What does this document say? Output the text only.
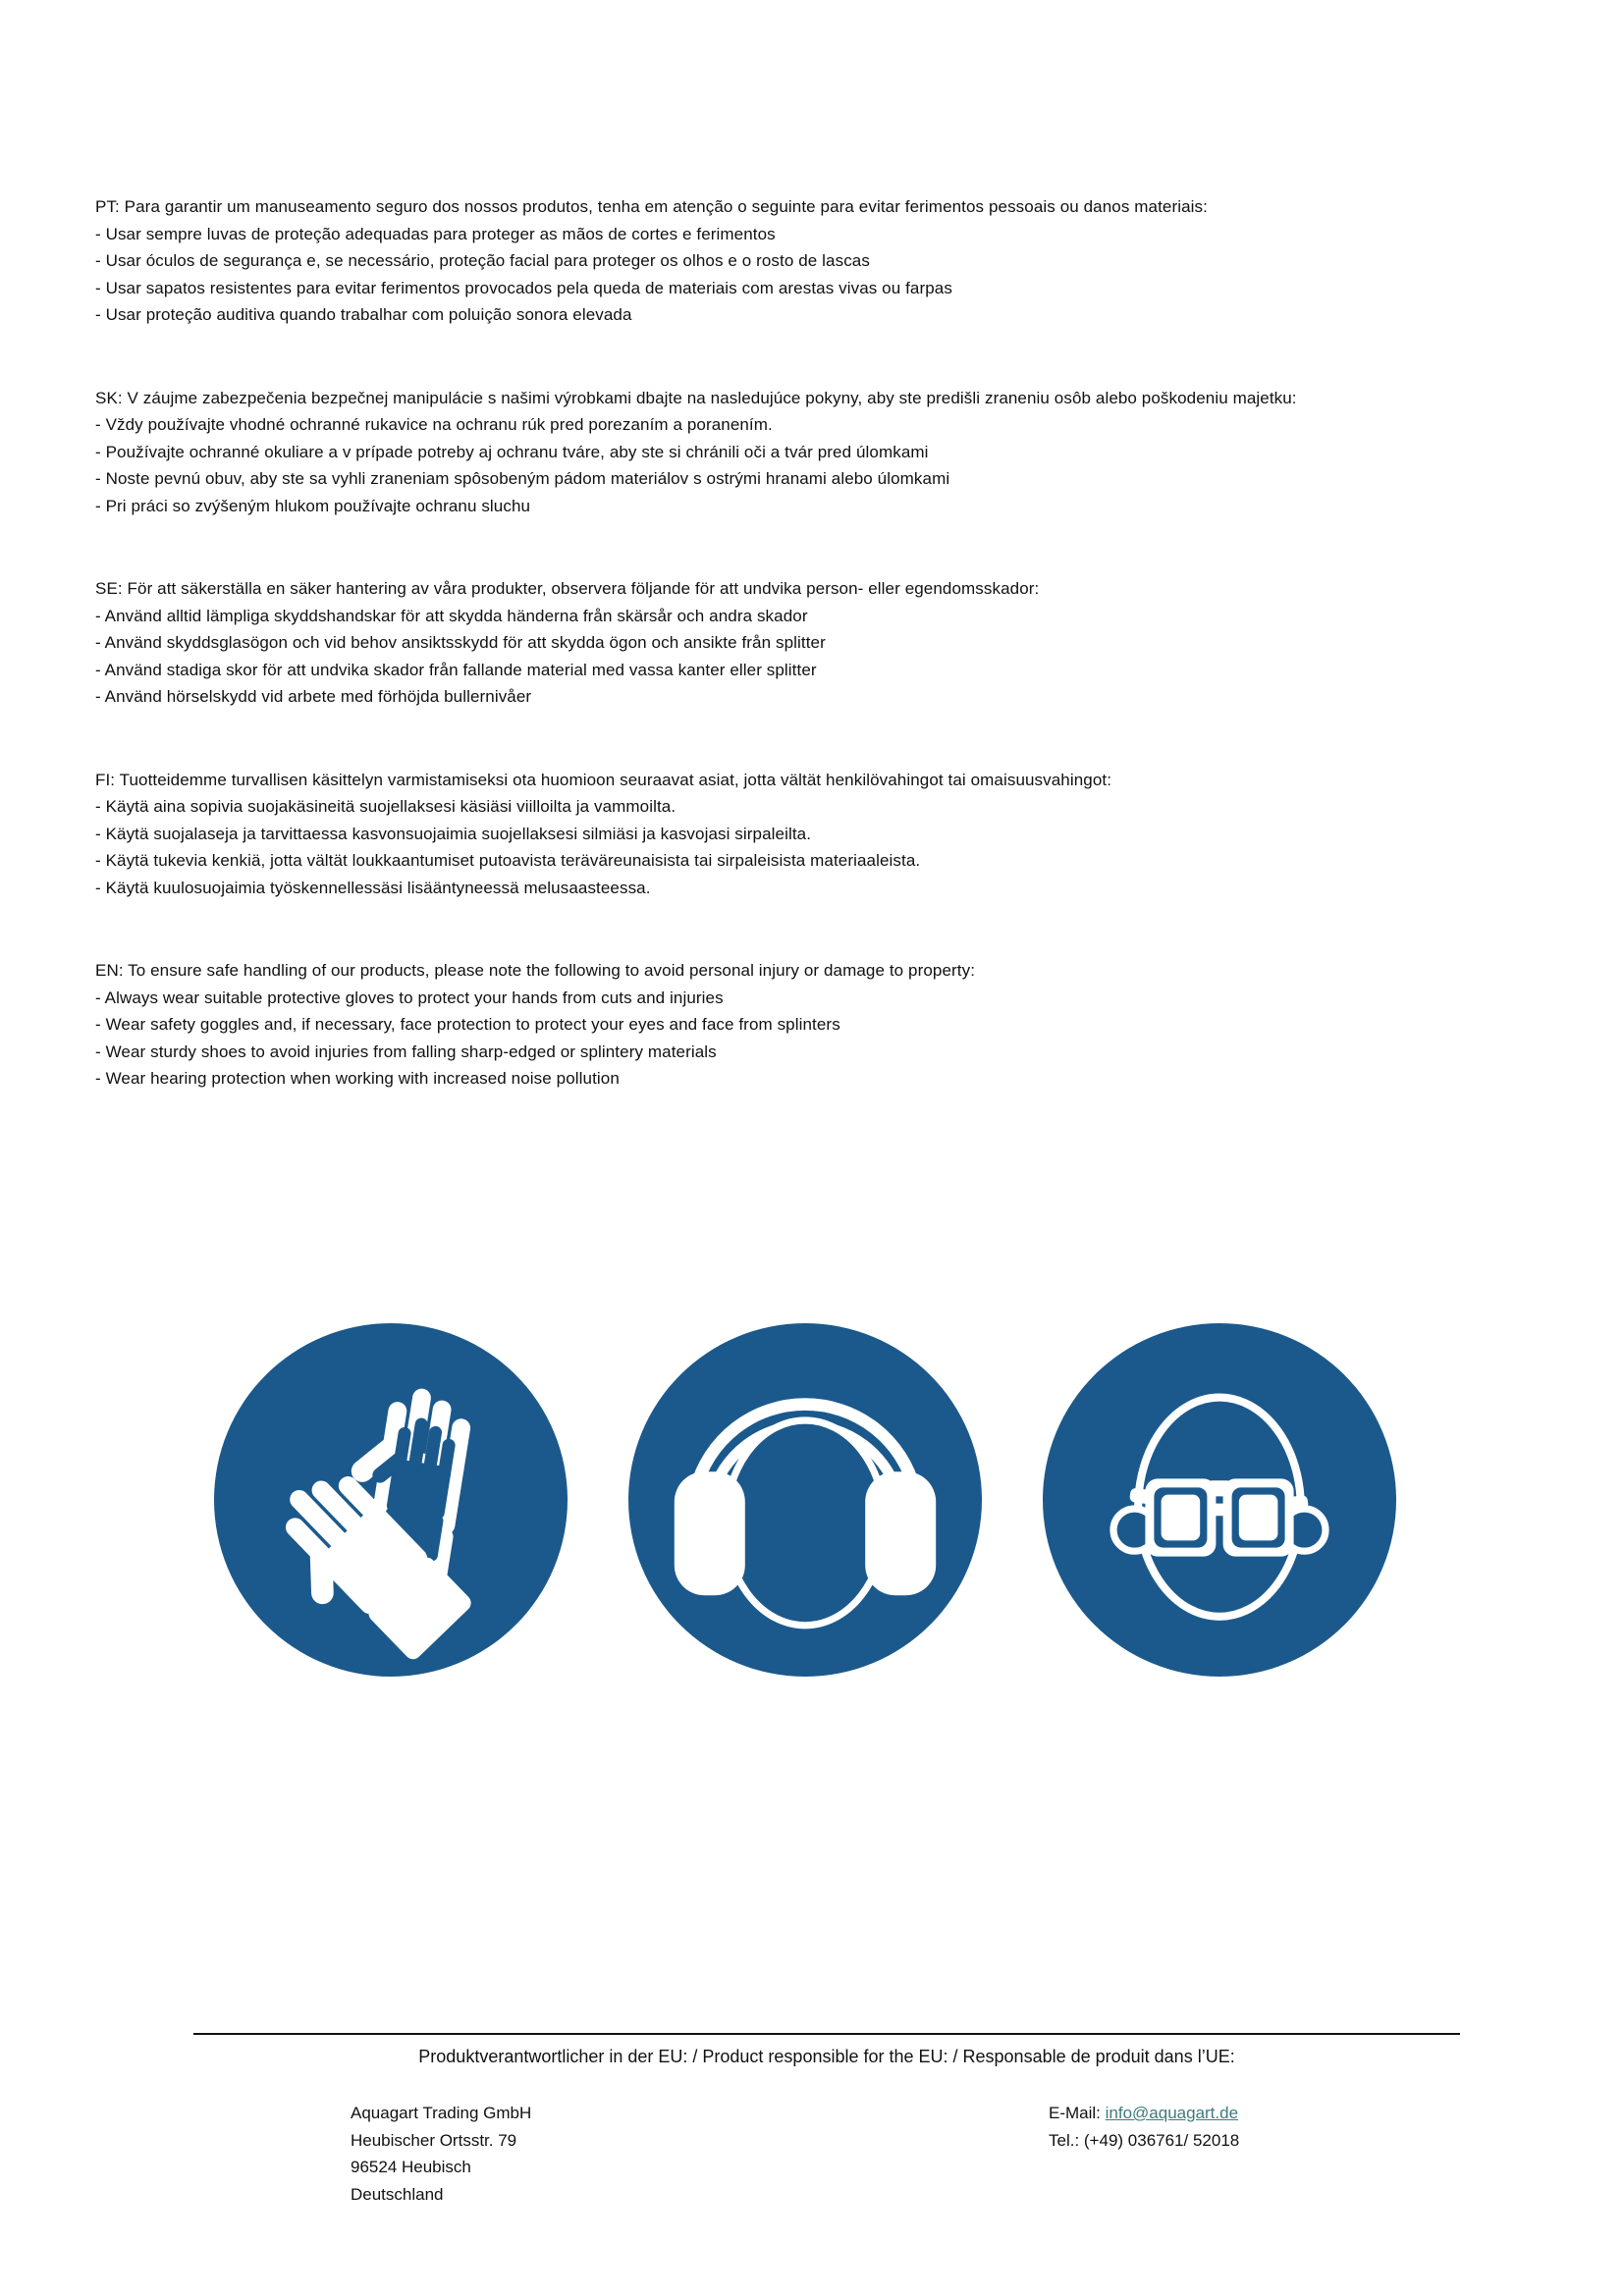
PT: Para garantir um manuseamento seguro dos nossos produtos, tenha em atenção o seguinte para evitar ferimentos pessoais ou danos materiais:
- Usar sempre luvas de proteção adequadas para proteger as mãos de cortes e ferimentos
- Usar óculos de segurança e, se necessário, proteção facial para proteger os olhos e o rosto de lascas
- Usar sapatos resistentes para evitar ferimentos provocados pela queda de materiais com arestas vivas ou farpas
- Usar proteção auditiva quando trabalhar com poluição sonora elevada
SK: V záujme zabezpečenia bezpečnej manipulácie s našimi výrobkami dbajte na nasledujúce pokyny, aby ste predišli zraneniu osôb alebo poškodeniu majetku:
- Vždy používajte vhodné ochranné rukavice na ochranu rúk pred porezaním a poranením.
- Používajte ochranné okuliare a v prípade potreby aj ochranu tváre, aby ste si chránili oči a tvár pred úlomkami
- Noste pevnú obuv, aby ste sa vyhli zraneniam spôsobeným pádom materiálov s ostrými hranami alebo úlomkami
- Pri práci so zvýšeným hlukom používajte ochranu sluchu
SE: För att säkerställa en säker hantering av våra produkter, observera följande för att undvika person- eller egendomsskador:
- Använd alltid lämpliga skyddshandskar för att skydda händerna från skärsår och andra skador
- Använd skyddsglasögon och vid behov ansiktsskydd för att skydda ögon och ansikte från splitter
- Använd stadiga skor för att undvika skador från fallande material med vassa kanter eller splitter
- Använd hörselskydd vid arbete med förhöjda bullernivåer
FI: Tuotteidemme turvallisen käsittelyn varmistamiseksi ota huomioon seuraavat asiat, jotta vältät henkilövahingot tai omaisuusvahingot:
- Käytä aina sopivia suojakäsineitä suojellaksesi käsiäsi viilloilta ja vammoilta.
- Käytä suojalaseja ja tarvittaessa kasvonsuojaimia suojellaksesi silmiäsi ja kasvojasi sirpaleilta.
- Käytä tukevia kenkiä, jotta vältät loukkaantumiset putoavista teräväreunaisista tai sirpaleisista materiaaleista.
- Käytä kuulosuojaimia työskennellessäsi lisääntyneessä melusaasteessa.
EN: To ensure safe handling of our products, please note the following to avoid personal injury or damage to property:
- Always wear suitable protective gloves to protect your hands from cuts and injuries
- Wear safety goggles and, if necessary, face protection to protect your eyes and face from splinters
- Wear sturdy shoes to avoid injuries from falling sharp-edged or splintery materials
- Wear hearing protection when working with increased noise pollution
Produktverantwortlicher in der EU: / Product responsible for the EU: / Responsable de produit dans l’UE:
Aquagart Trading GmbH
Heubischer Ortsstr. 79
96524 Heubisch
Deutschland
E-Mail: info@aquagart.de
Tel.: (+49) 036761/ 52018
